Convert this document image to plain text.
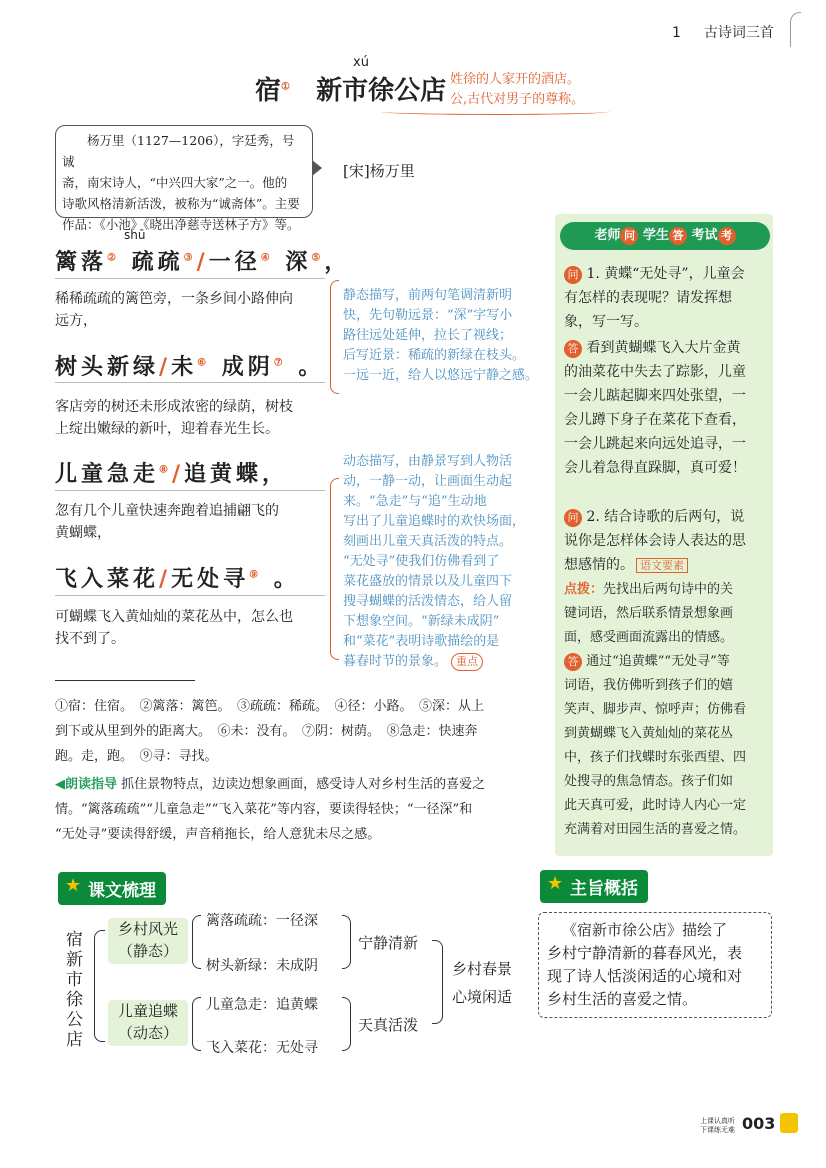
1 古诗词三首
宿① 新市徐公店
xú
姓徐的人家开的酒店。
公,古代对男子的尊称。
杨万里（1127—1206），字廷秀，号诚
斋，南宋诗人，“中兴四大家”之一。他的
诗歌风格清新活泼，被称为“诚斋体”。主要
作品：《小池》《晓出净慈寺送林子方》等。
[宋]杨万里
shū
篱落② 疏疏③/一径④ 深⑤，
稀稀疏疏的篱笆旁，一条乡间小路伸向
远方，
树头新绿/未⑥ 成阴⑦ 。
客店旁的树还未形成浓密的绿荫，树枝
上绽出嫩绿的新叶，迎着春光生长。
儿童急走⑧/追黄蝶，
忽有几个儿童快速奔跑着追捕翩飞的
黄蝴蝶，
飞入菜花/无处寻⑨ 。
可蝴蝶飞入黄灿灿的菜花丛中，怎么也
找不到了。
静态描写，前两句笔调清新明
快，先句勒远景：“深”字写小
路往远处延伸，拉长了视线；
后写近景：稀疏的新绿在枝头。
一远一近，给人以悠远宁静之感。
动态描写，由静景写到人物活
动，一静一动，让画面生动起
来。“急走”与“追”生动地
写出了儿童追蝶时的欢快场面，
刻画出儿童天真活泼的特点。
“无处寻”使我们仿佛看到了
菜花盛放的情景以及儿童四下
搜寻蝴蝶的活泼情态，给人留
下想象空间。“新绿未成阴”
和“菜花”表明诗歌描绘的是
暮春时节的景象。 重点
老师 问 学生 答 考试 考
问 1. 黄蝶“无处寻”，儿童会
有怎样的表现呢？请发挥想
象，写一写。
答 看到黄蝴蝶飞入大片金黄
的油菜花中失去了踪影，儿童
一会儿踮起脚来四处张望，一
会儿蹲下身子在菜花下查看，
一会儿跳起来向远处追寻，一
会儿着急得直跺脚，真可爱！
问 2. 结合诗歌的后两句，说
说你是怎样体会诗人表达的思
想感情的。 语文要素
点拨：先找出后两句诗中的关
键词语，然后联系情景想象画
面，感受画面流露出的情感。
答 通过“追黄蝶”“无处寻”等
词语，我仿佛听到孩子们的嬉
笑声、脚步声、惊呼声；仿佛看
到黄蝴蝶飞入黄灿灿的菜花丛
中，孩子们找蝶时东张西望、四
处搜寻的焦急情态。孩子们如
此天真可爱，此时诗人内心一定
充满着对田园生活的喜爱之情。
①宿：住宿。　②篱落：篱笆。　③疏疏：稀疏。　④径：小路。　⑤深：从上
到下或从里到外的距离大。　⑥未：没有。　⑦阴：树荫。　⑧急走：快速奔
跑。走，跑。　⑨寻：寻找。
◀朗读指导 抓住景物特点，边读边想象画面，感受诗人对乡村生活的喜爱之
情。“篱落疏疏”“儿童急走”“飞入菜花”等内容，要读得轻快；“一径深”和
“无处寻”要读得舒缓，声音稍拖长，给人意犹未尽之感。
★ 课文梳理
宿新市徐公店
乡村风光
（静态）
儿童追蝶
（动态）
篱落疏疏：一径深
树头新绿：未成阴
儿童急走：追黄蝶
飞入菜花：无处寻
宁静清新
天真活泼
乡村春景
心境闲适
★ 主旨概括
《宿新市徐公店》描绘了
乡村宁静清新的暮春风光，表
现了诗人恬淡闲适的心境和对
乡村生活的喜爱之情。
上课认真听
下课练无难 003
